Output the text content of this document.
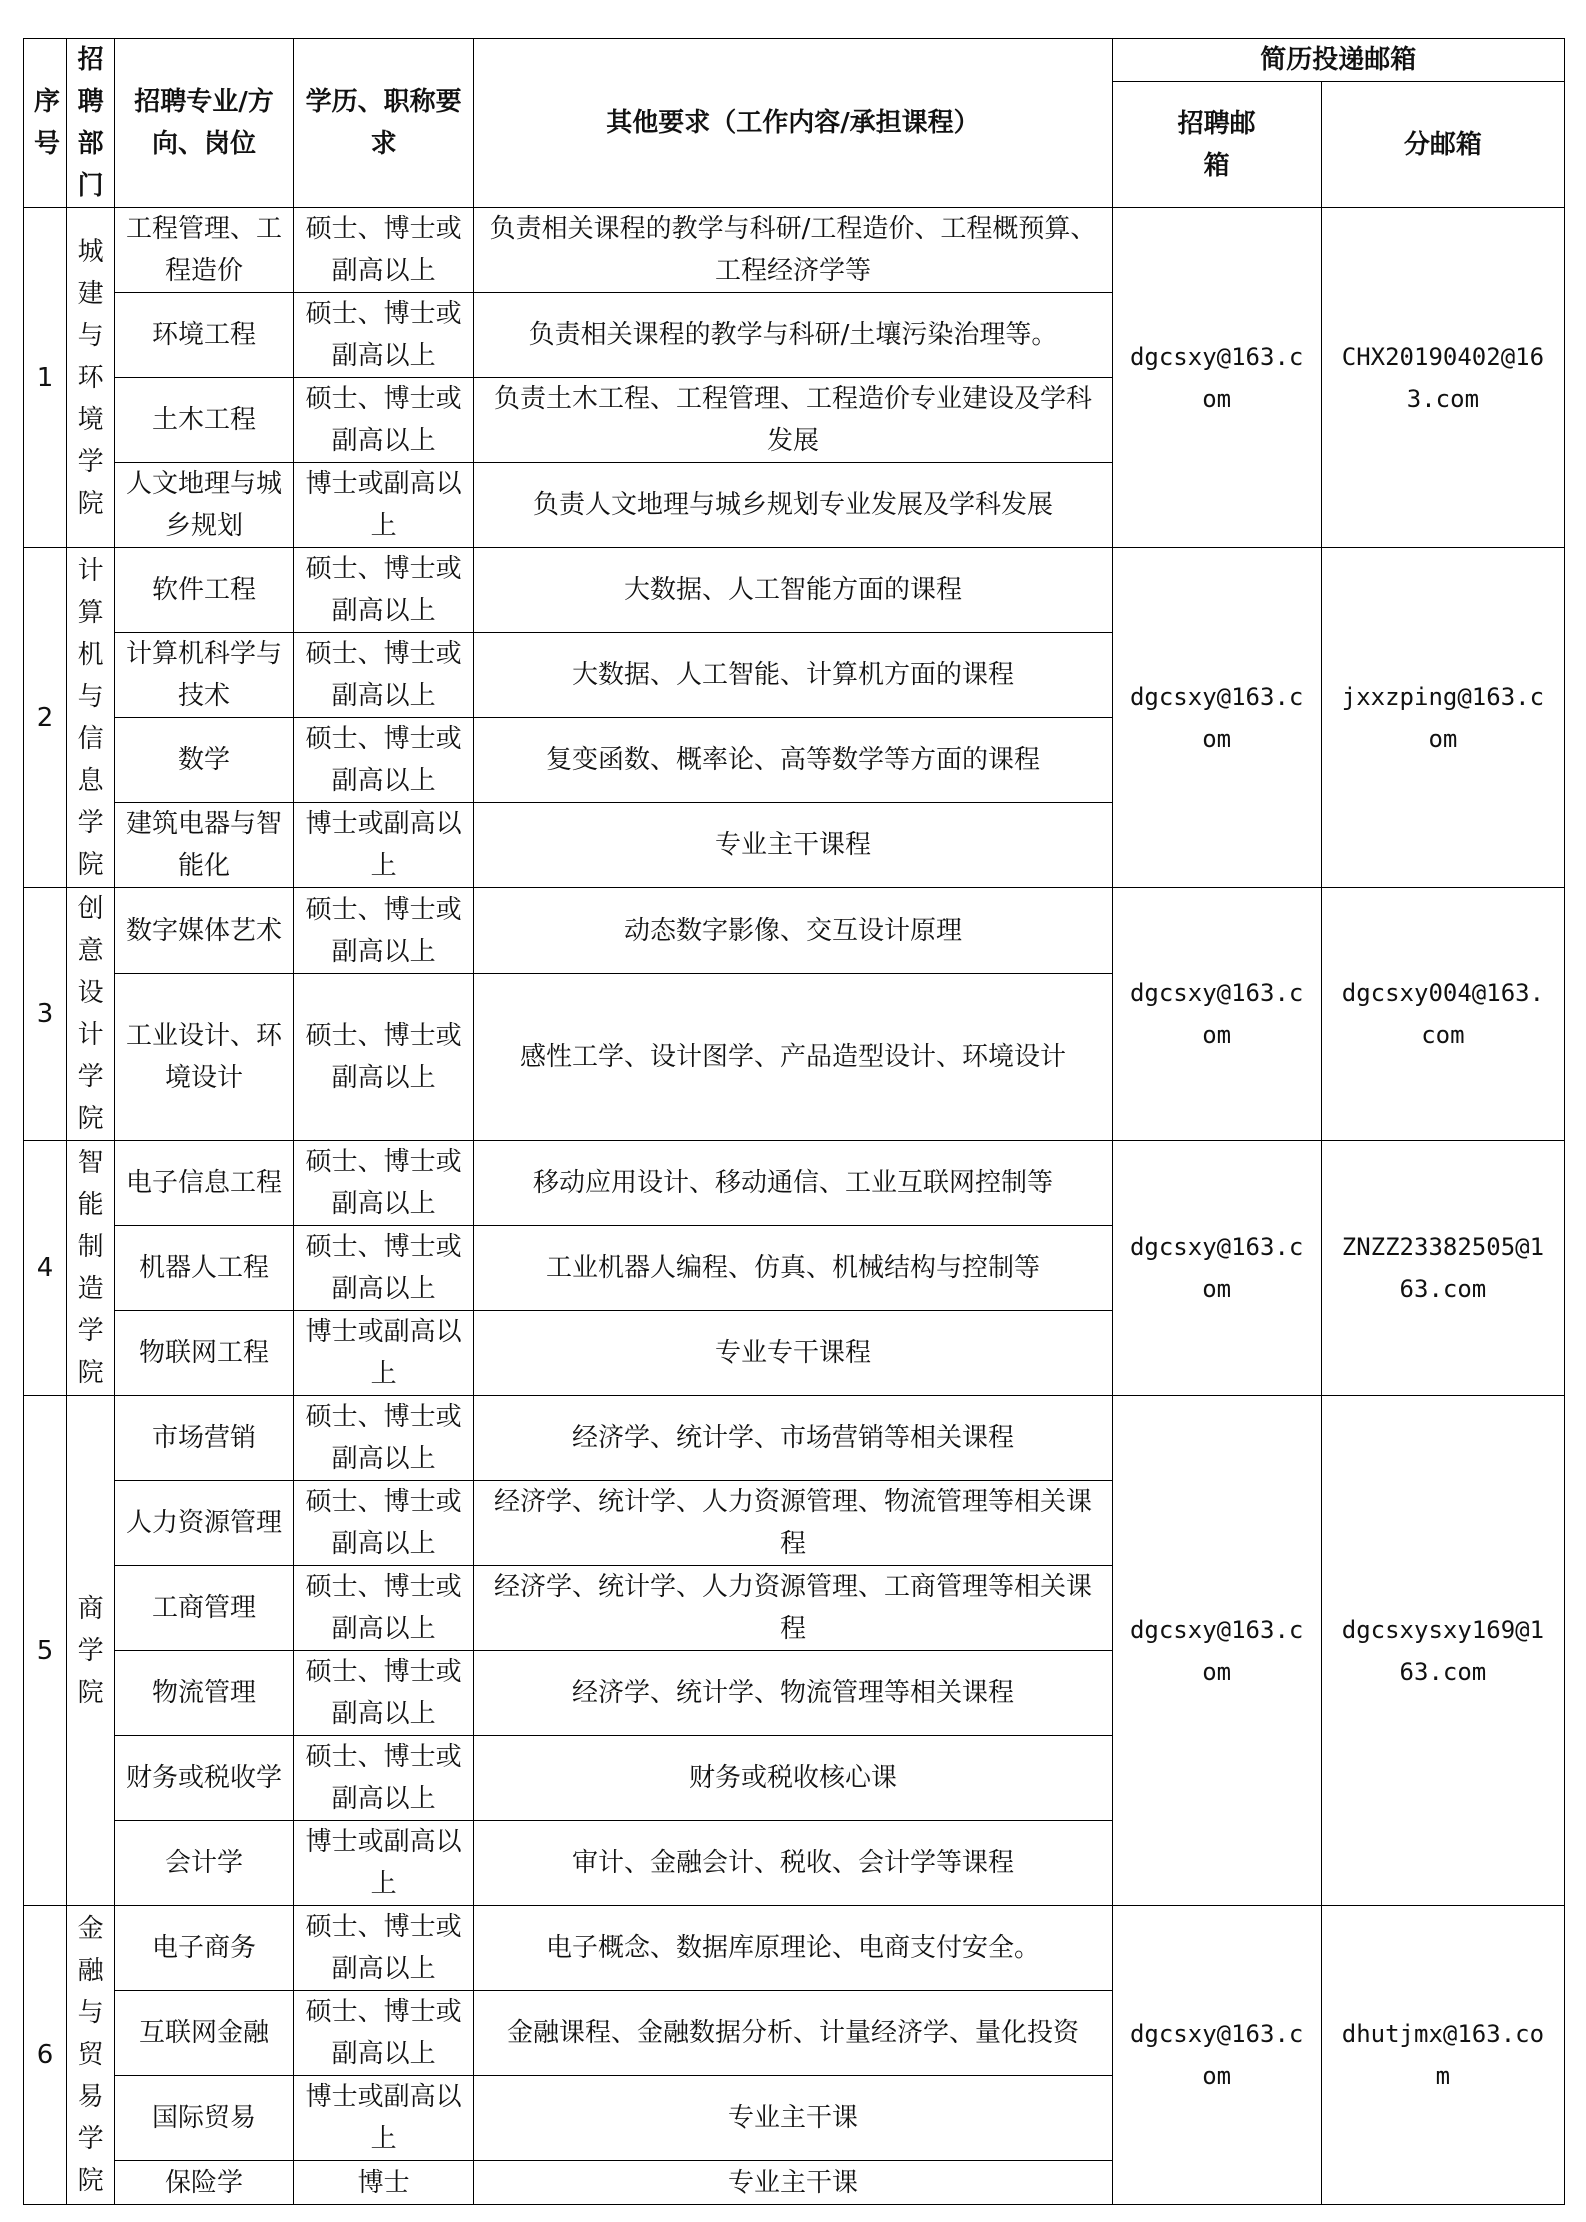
序号	招聘部门	招聘专业/方向、岗位	学历、职称要求	其他要求（工作内容/承担课程）	简历投递邮箱	
					招聘邮箱	分邮箱
1	城建与环境学院	工程管理、工程造价	硕士、博士或副高以上	负责相关课程的教学与科研/工程造价、工程概预算、工程经济学等	dgcsxy@163.com	CHX20190402@163.com
		环境工程	硕士、博士或副高以上	负责相关课程的教学与科研/土壤污染治理等。		
		土木工程	硕士、博士或副高以上	负责土木工程、工程管理、工程造价专业建设及学科发展		
		人文地理与城乡规划	博士或副高以上	负责人文地理与城乡规划专业发展及学科发展		
2	计算机与信息学院	软件工程	硕士、博士或副高以上	大数据、人工智能方面的课程	dgcsxy@163.com	jxxzping@163.com
		计算机科学与技术	硕士、博士或副高以上	大数据、人工智能、计算机方面的课程		
		数学	硕士、博士或副高以上	复变函数、概率论、高等数学等方面的课程		
		建筑电器与智能化	博士或副高以上	专业主干课程		
3	创意设计学院	数字媒体艺术	硕士、博士或副高以上	动态数字影像、交互设计原理	dgcsxy@163.com	dgcsxy004@163.com
		工业设计、环境设计	硕士、博士或副高以上	感性工学、设计图学、产品造型设计、环境设计		
4	智能制造学院	电子信息工程	硕士、博士或副高以上	移动应用设计、移动通信、工业互联网控制等	dgcsxy@163.com	ZNZZ23382505@163.com
		机器人工程	硕士、博士或副高以上	工业机器人编程、仿真、机械结构与控制等		
		物联网工程	博士或副高以上	专业专干课程		
5	商学院	市场营销	硕士、博士或副高以上	经济学、统计学、市场营销等相关课程	dgcsxy@163.com	dgcsxysxy169@163.com
		人力资源管理	硕士、博士或副高以上	经济学、统计学、人力资源管理、物流管理等相关课程		
		工商管理	硕士、博士或副高以上	经济学、统计学、人力资源管理、工商管理等相关课程		
		物流管理	硕士、博士或副高以上	经济学、统计学、物流管理等相关课程		
		财务或税收学	硕士、博士或副高以上	财务或税收核心课		
		会计学	博士或副高以上	审计、金融会计、税收、会计学等课程		
6	金融与贸易学院	电子商务	硕士、博士或副高以上	电子概念、数据库原理论、电商支付安全。	dgcsxy@163.com	dhutjmx@163.com
		互联网金融	硕士、博士或副高以上	金融课程、金融数据分析、计量经济学、量化投资		
		国际贸易	博士或副高以上	专业主干课		
		保险学	博士	专业主干课		
